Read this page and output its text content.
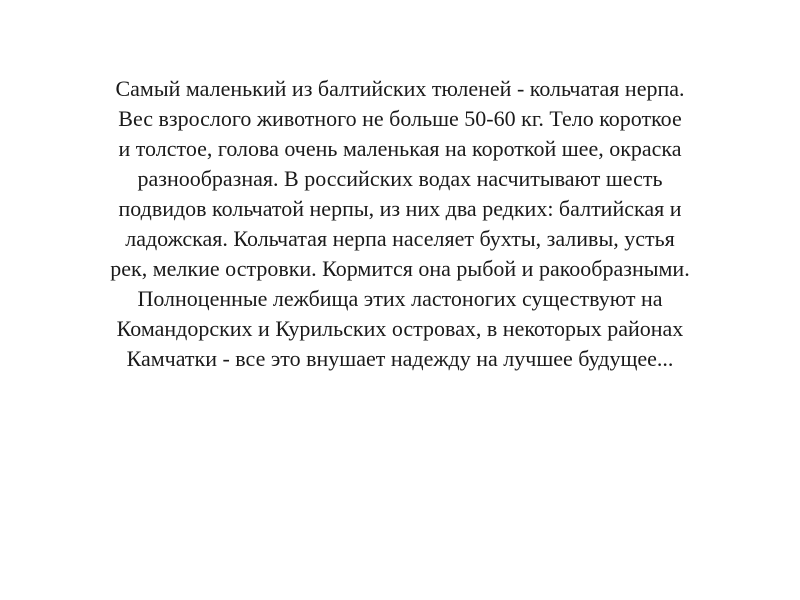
Самый маленький из балтийских тюленей - кольчатая нерпа.
Вес взрослого животного не больше 50-60 кг. Тело короткое
и толстое, голова очень маленькая на короткой шее, окраска
разнообразная. В российских водах насчитывают шесть
подвидов кольчатой нерпы, из них два редких: балтийская и
ладожская. Кольчатая нерпа населяет бухты, заливы, устья
рек, мелкие островки. Кормится она рыбой и ракообразными.
Полноценные лежбища этих ластоногих существуют на
Командорских и Курильских островах, в некоторых районах
Камчатки - все это внушает надежду на лучшее будущее...
